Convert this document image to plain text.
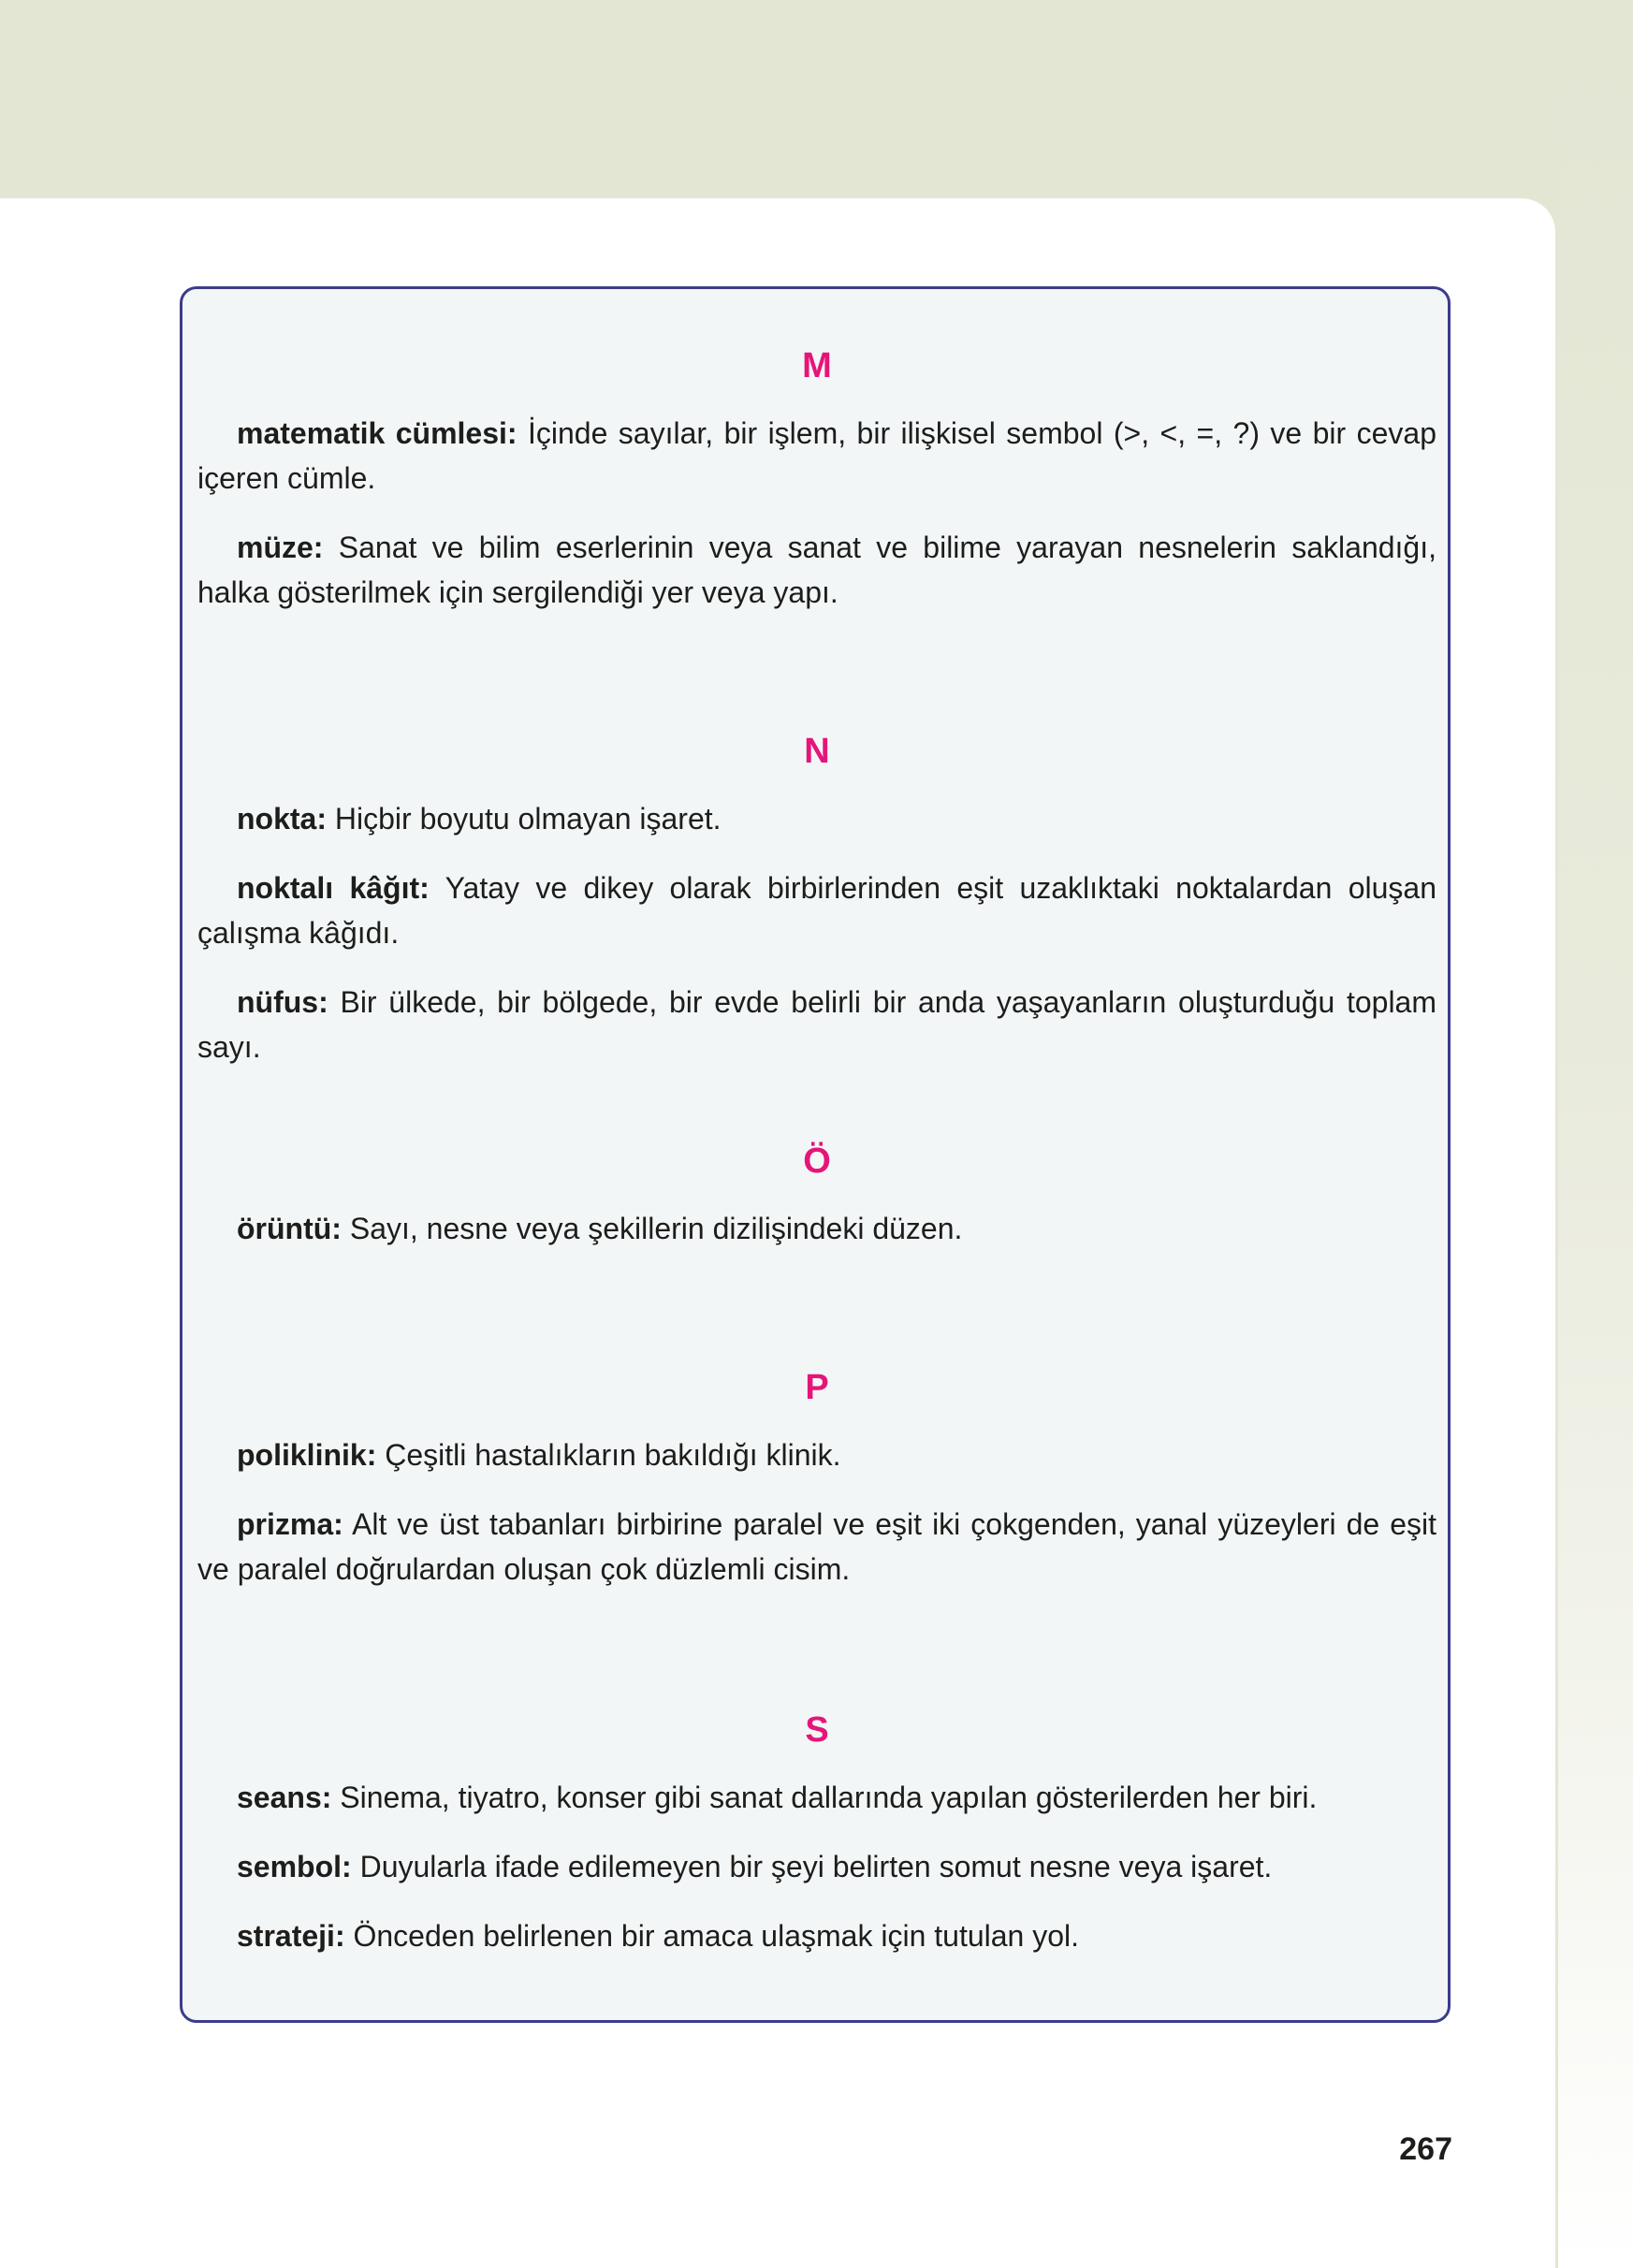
M

matematik cümlesi: İçinde sayılar, bir işlem, bir ilişkisel sembol (>, <, =, ?) ve bir cevap içeren cümle.

müze: Sanat ve bilim eserlerinin veya sanat ve bilime yarayan nesnelerin saklandığı, halka gösterilmek için sergilendiği yer veya yapı.

N

nokta: Hiçbir boyutu olmayan işaret.

noktalı kâğıt: Yatay ve dikey olarak birbirlerinden eşit uzaklıktaki noktalardan oluşan çalışma kâğıdı.

nüfus: Bir ülkede, bir bölgede, bir evde belirli bir anda yaşayanların oluşturduğu toplam sayı.

Ö

örüntü: Sayı, nesne veya şekillerin dizilişindeki düzen.

P

poliklinik: Çeşitli hastalıkların bakıldığı klinik.

prizma: Alt ve üst tabanları birbirine paralel ve eşit iki çokgenden, yanal yüzeyleri de eşit ve paralel doğrulardan oluşan çok düzlemli cisim.

S

seans: Sinema, tiyatro, konser gibi sanat dallarında yapılan gösterilerden her biri.

sembol: Duyularla ifade edilemeyen bir şeyi belirten somut nesne veya işaret.

strateji: Önceden belirlenen bir amaca ulaşmak için tutulan yol.

267
